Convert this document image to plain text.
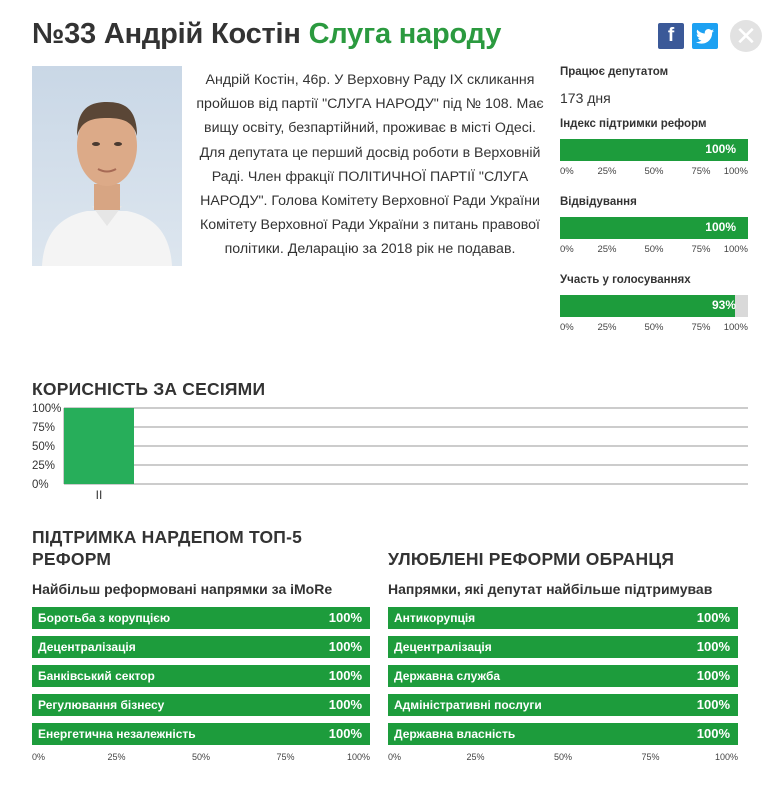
№33 Андрій Костін Слуга народу	f ✕
Андрій Костін, 46р. У Верховну Раду IX скликання пройшов від партії "СЛУГА НАРОДУ" під № 108. Має вищу освіту, безпартійний, проживає в місті Одесі. Для депутата це перший досвід роботи в Верховній Раді. Член фракції ПОЛІТИЧНОЇ ПАРТІЇ "СЛУГА НАРОДУ". Голова Комітету Верховної Ради України Комітету Верховної Ради України з питань правової політики. Деларацію за 2018 рік не подавав.
Працює депутатом
173 дня
Індекс підтримки реформ
100%
0%	25%	50%	75% 100%
Відвідування
100%
0%	25%	50%	75% 100%
Участь у голосуваннях
93%
0%	25%	50%	75% 100%
КОРИСНІСТЬ ЗА СЕСІЯМИ
0%
25%
50%
75%
100%
II
ПІДТРИМКА НАРДЕПОМ ТОП-5
РЕФОРМ
Найбільш реформовані напрямки за iMoRe
Боротьба з корупцією	100%
Децентралізація	100%
Банківський сектор	100%
Регулювання бізнесу	100%
Енергетична незалежність	100%
0%	25%	50%	75%	100%
УЛЮБЛЕНІ РЕФОРМИ ОБРАНЦЯ
Напрямки, які депутат найбільше підтримував
Антикорупція	100%
Децентралізація	100%
Державна служба	100%
Адміністративні послуги	100%
Державна власність	100%
0%	25%	50%	75%	100%
